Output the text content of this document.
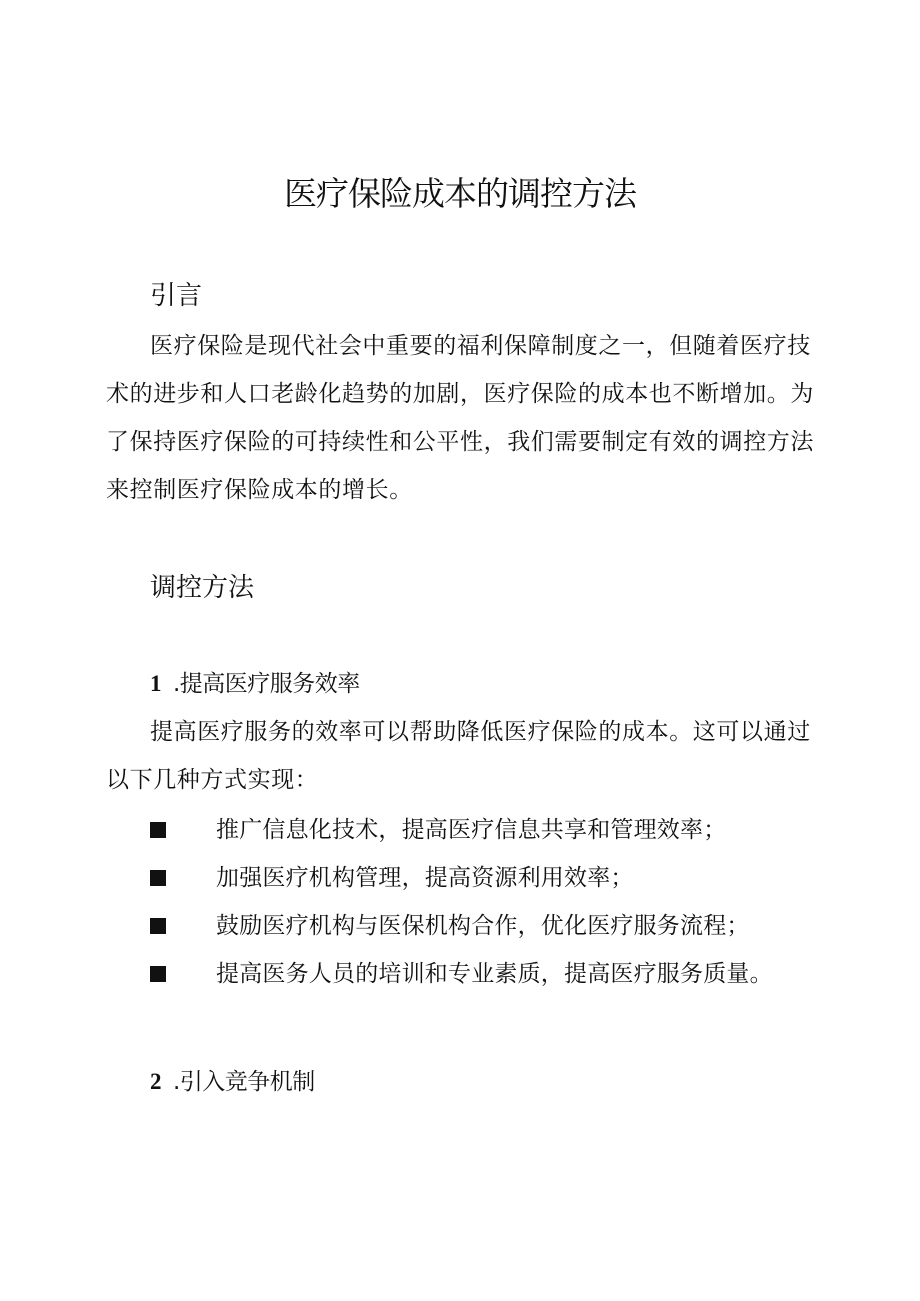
医疗保险成本的调控方法
引言

医疗保险是现代社会中重要的福利保障制度之一，但随着医疗技术的进步和人口老龄化趋势的加剧，医疗保险的成本也不断增加。为了保持医疗保险的可持续性和公平性，我们需要制定有效的调控方法来控制医疗保险成本的增长。

调控方法
1 .提高医疗服务效率

提高医疗服务的效率可以帮助降低医疗保险的成本。这可以通过以下几种方式实现：

推广信息化技术，提高医疗信息共享和管理效率；
加强医疗机构管理，提高资源利用效率；
鼓励医疗机构与医保机构合作，优化医疗服务流程；
提高医务人员的培训和专业素质，提高医疗服务质量。
2 .引入竞争机制
